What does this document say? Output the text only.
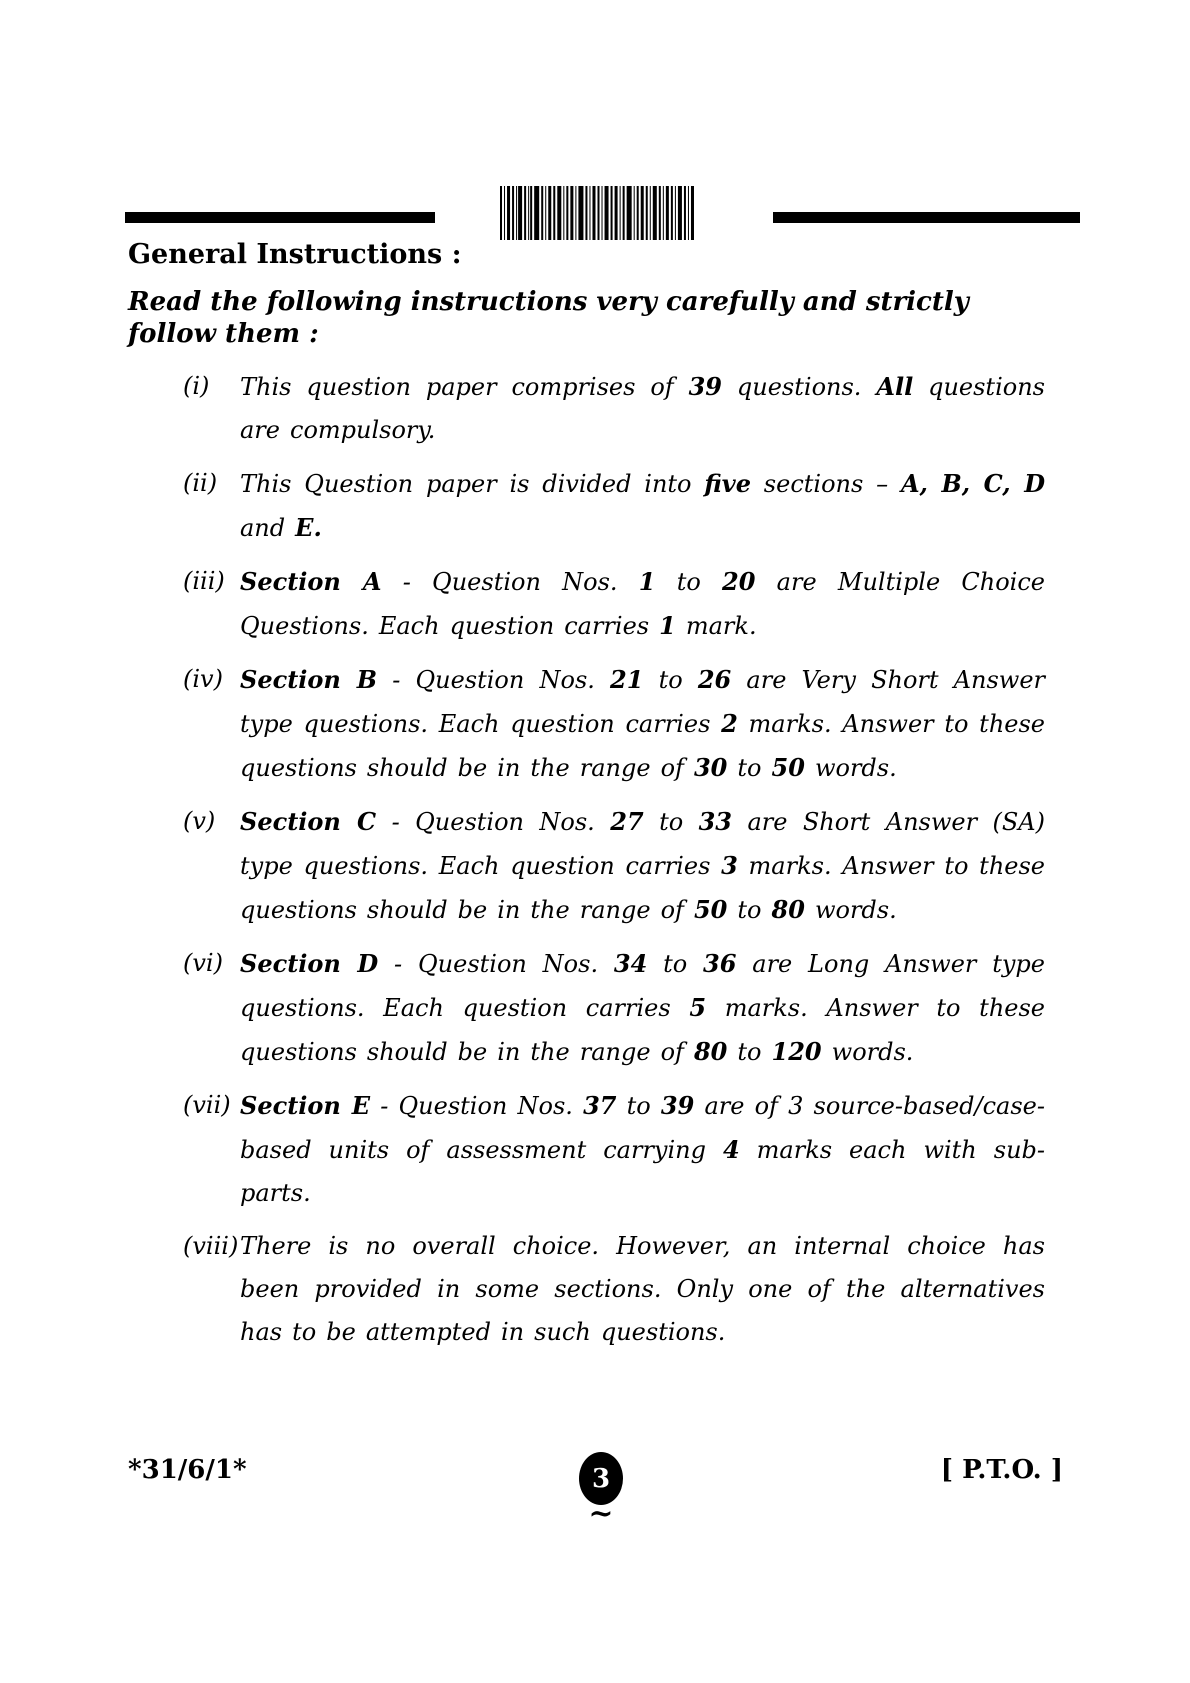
General Instructions :

Read the following instructions very carefully and strictly follow them :

(i)	This question paper comprises of 39 questions. All questions are compulsory.

(ii) This Question paper is divided into five sections – A, B, C, D and E.

(iii) Section A - Question Nos. 1 to 20 are Multiple Choice Questions. Each question carries 1 mark.

(iv) Section B - Question Nos. 21 to 26 are Very Short Answer type questions. Each question carries 2 marks. Answer to these questions should be in the range of 30 to 50 words.

(v)	Section C - Question Nos. 27 to 33 are Short Answer (SA) type questions. Each question carries 3 marks. Answer to these questions should be in the range of 50 to 80 words.

(vi) Section D - Question Nos. 34 to 36 are Long Answer type questions. Each question carries 5 marks. Answer to these questions should be in the range of 80 to 120 words.

(vii) Section E - Question Nos. 37 to 39 are of 3 source-based/case-based units of assessment carrying 4 marks each with sub-parts.

(viii) There is no overall choice. However, an internal choice has been provided in some sections. Only one of the alternatives has to be attempted in such questions.

*31/6/1*	[ P.T.O. ]
3
~
